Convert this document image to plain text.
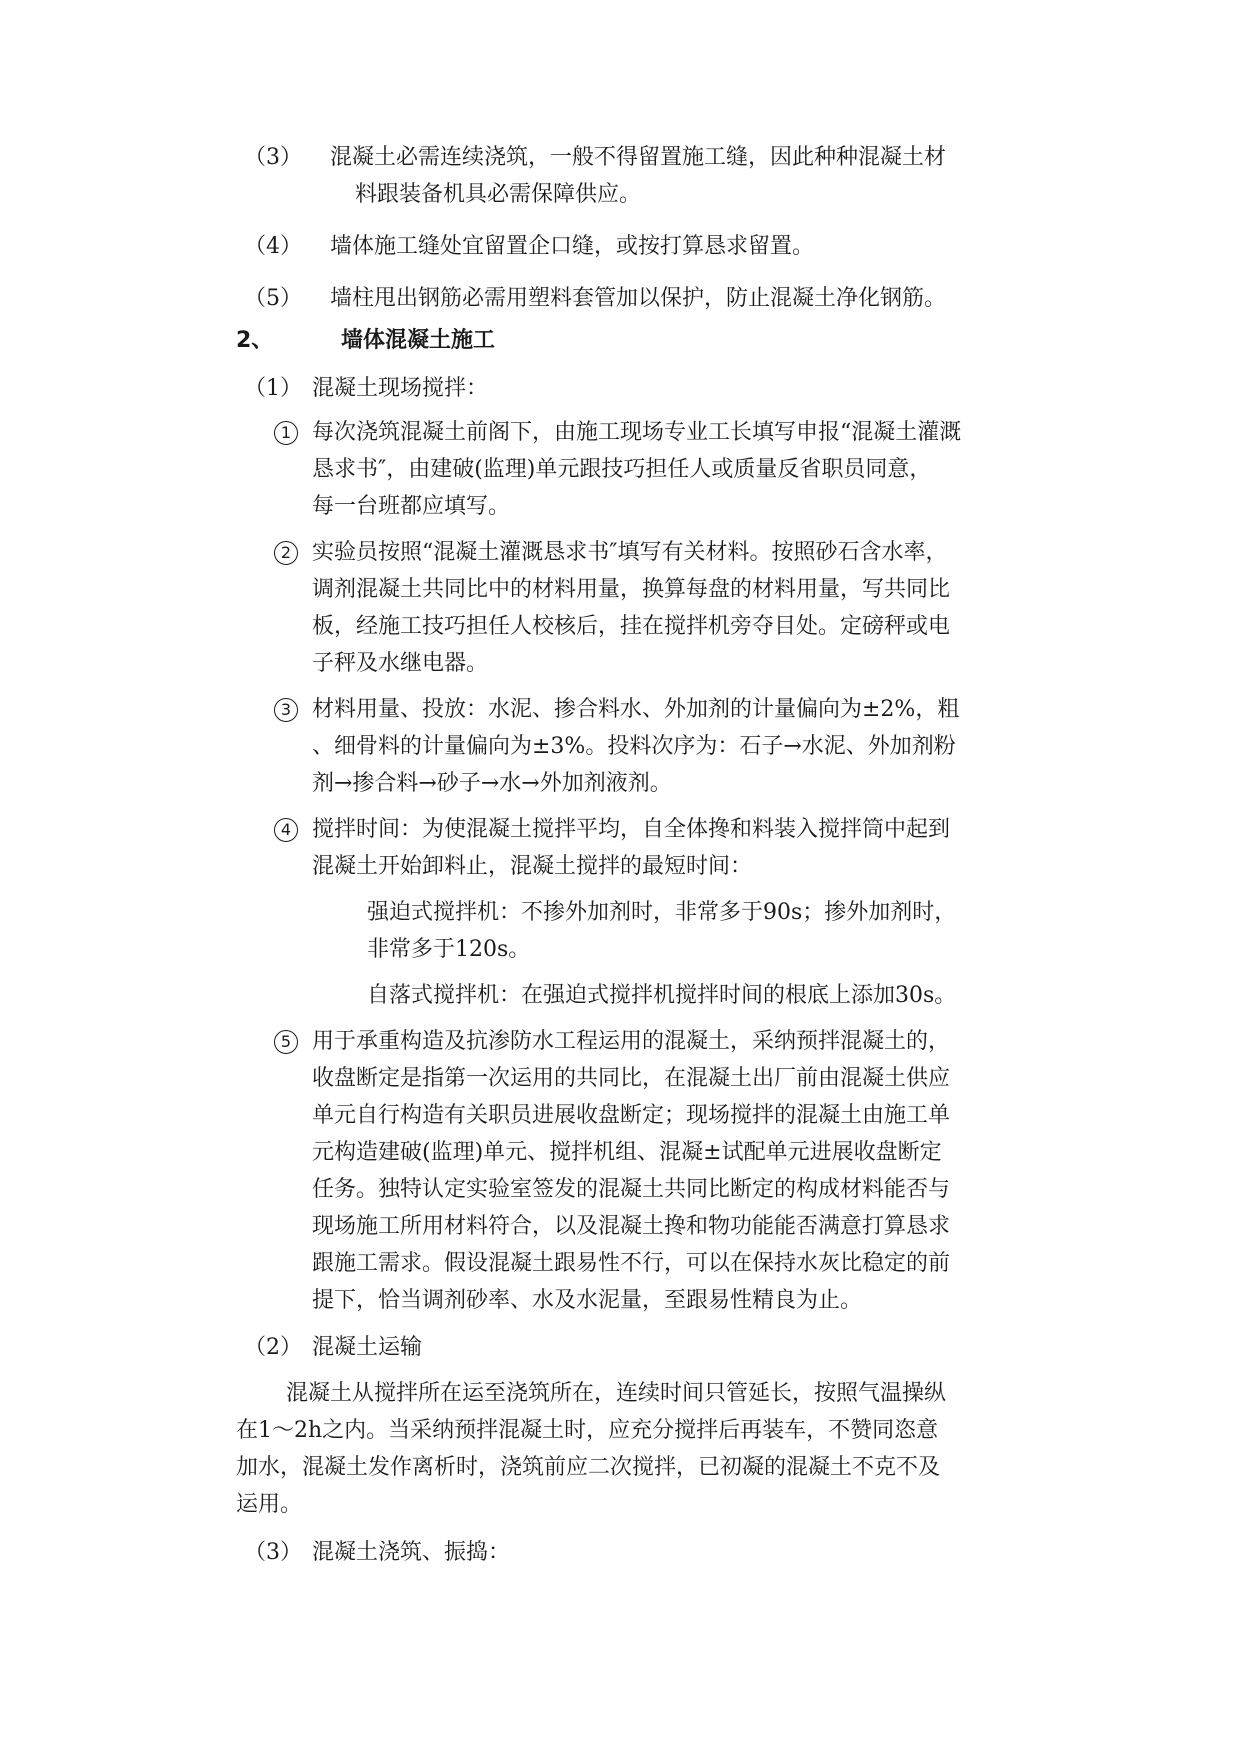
（3） 混凝土必需连续浇筑，一般不得留置施工缝，因此种种混凝土材
料跟装备机具必需保障供应。
（4） 墙体施工缝处宜留置企口缝，或按打算恳求留置。
（5） 墙柱甩出钢筋必需用塑料套管加以保护，防止混凝土净化钢筋。
2、	墙体混凝土施工
（1） 混凝土现场搅拌：
1 每次浇筑混凝土前阁下，由施工现场专业工长填写申报“混凝土灌溉
恳求书″，由建破(监理)单元跟技巧担任人或质量反省职员同意，
每一台班都应填写。
2 实验员按照“混凝土灌溉恳求书″填写有关材料。按照砂石含水率，
调剂混凝土共同比中的材料用量，换算每盘的材料用量，写共同比
板，经施工技巧担任人校核后，挂在搅拌机旁夺目处。定磅秤或电
子秤及水继电器。
3 材料用量、投放：水泥、掺合料水、外加剂的计量偏向为±2%，粗
、细骨料的计量偏向为±3%。投料次序为：石子→水泥、外加剂粉
剂→掺合料→砂子→水→外加剂液剂。
4 搅拌时间：为使混凝土搅拌平均，自全体搀和料装入搅拌筒中起到
混凝土开始卸料止，混凝土搅拌的最短时间：
强迫式搅拌机：不掺外加剂时，非常多于90s；掺外加剂时，
非常多于120s。
自落式搅拌机：在强迫式搅拌机搅拌时间的根底上添加30s。
5 用于承重构造及抗渗防水工程运用的混凝土，采纳预拌混凝土的，
收盘断定是指第一次运用的共同比，在混凝土出厂前由混凝土供应
单元自行构造有关职员进展收盘断定；现场搅拌的混凝土由施工单
元构造建破(监理)单元、搅拌机组、混凝±试配单元进展收盘断定
任务。独特认定实验室签发的混凝土共同比断定的构成材料能否与
现场施工所用材料符合，以及混凝土搀和物功能能否满意打算恳求
跟施工需求。假设混凝土跟易性不行，可以在保持水灰比稳定的前
提下，恰当调剂砂率、水及水泥量，至跟易性精良为止。
（2） 混凝土运输
混凝土从搅拌所在运至浇筑所在，连续时间只管延长，按照气温操纵
在1～2h之内。当采纳预拌混凝土时，应充分搅拌后再装车，不赞同恣意
加水，混凝土发作离析时，浇筑前应二次搅拌，已初凝的混凝土不克不及
运用。
（3） 混凝土浇筑、振捣：
